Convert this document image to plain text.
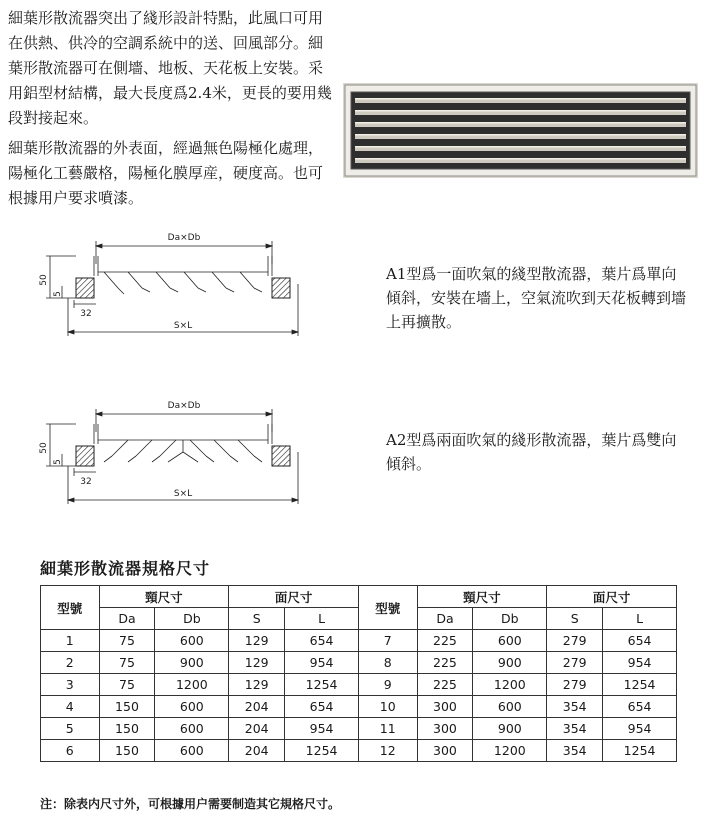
細葉形散流器突出了綫形設計特點，此風口可用在供熱、供冷的空調系統中的送、回風部分。細葉形散流器可在側墻、地板、天花板上安裝。采用鋁型材結構，最大長度爲2.4米，更長的要用幾段對接起來。
細葉形散流器的外表面，經過無色陽極化處理，陽極化工藝嚴格，陽極化膜厚産，硬度高。也可根據用户要求噴漆。
Da×Db
50
5
32
S×L
Da×Db
50
5
32
S×L
A1型爲一面吹氣的綫型散流器，葉片爲單向傾斜，安裝在墻上，空氣流吹到天花板轉到墻上再擴散。
A2型爲兩面吹氣的綫形散流器，葉片爲雙向傾斜。
細葉形散流器規格尺寸
型號	頸尺寸		面尺寸		型號	頸尺寸		面尺寸	
	Da	Db	S	L		Da	Db	S	L
1	75	600	129	654	7	225	600	279	654
2	75	900	129	954	8	225	900	279	954
3	75	1200	129	1254	9	225	1200	279	1254
4	150	600	204	654	10	300	600	354	654
5	150	600	204	954	11	300	900	354	954
6	150	600	204	1254	12	300	1200	354	1254
注：除表内尺寸外，可根據用户需要制造其它規格尺寸。
